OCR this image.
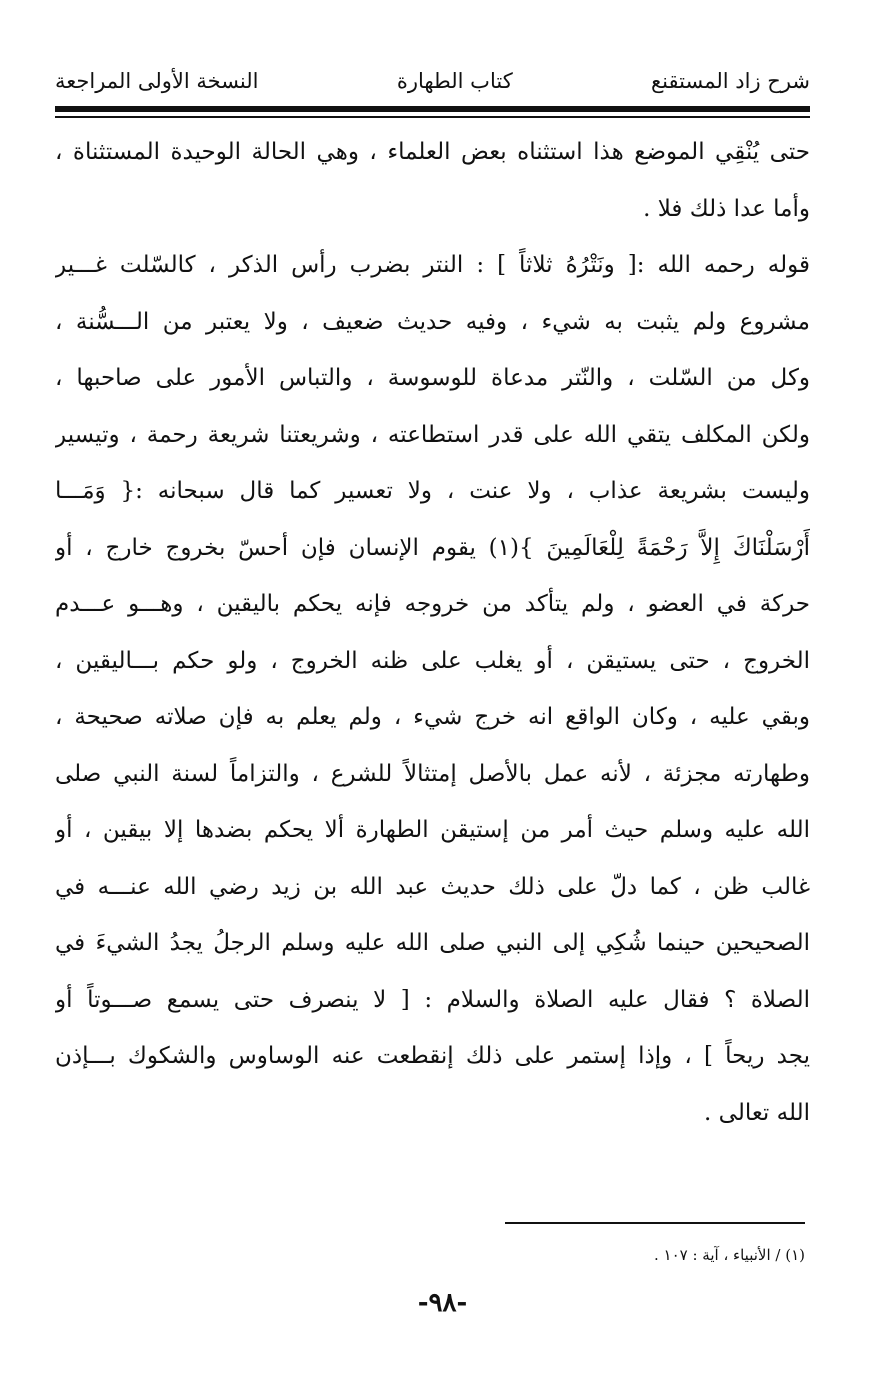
شرح زاد المستقنع
كتاب الطهارة
النسخة الأولى المراجعة
حتى يُنْقِي الموضع هذا استثناه بعض العلماء ، وهي الحالة الوحيدة المستثناة ،
وأما عدا ذلك فلا .
قوله رحمه الله :[ ونَتْرُهُ ثلاثاً ] : النتر بضرب رأس الذكر ، كالسّلت غـــير
مشروع ولم يثبت به شيء ، وفيه حديث ضعيف ، ولا يعتبر من الـــسُّنة ،
وكل من السّلت ، والنّتر مدعاة للوسوسة ، والتباس الأمور على صاحبها ،
ولكن المكلف يتقي الله على قدر استطاعته ، وشريعتنا شريعة رحمة ، وتيسير
وليست بشريعة عذاب ، ولا عنت ، ولا تعسير كما قال سبحانه :{ وَمَـــا
أَرْسَلْنَاكَ إِلاَّ رَحْمَةً لِلْعَالَمِينَ }(١) يقوم الإنسان فإن أحسّ بخروج خارج ، أو
حركة في العضو ، ولم يتأكد من خروجه فإنه يحكم باليقين ، وهـــو عـــدم
الخروج ، حتى يستيقن ، أو يغلب على ظنه الخروج ، ولو حكم بـــاليقين ،
وبقي عليه ، وكان الواقع انه خرج شيء ، ولم يعلم به فإن صلاته صحيحة ،
وطهارته مجزئة ، لأنه عمل بالأصل إمتثالاً للشرع ، والتزاماً لسنة النبي صلى
الله عليه وسلم حيث أمر من إستيقن الطهارة ألا يحكم بضدها إلا بيقين ، أو
غالب ظن ، كما دلّ على ذلك حديث عبد الله بن زيد رضي الله عنـــه في
الصحيحين حينما شُكِي إلى النبي صلى الله عليه وسلم الرجلُ يجدُ الشيءَ في
الصلاة ؟ فقال عليه الصلاة والسلام : [ لا ينصرف حتى يسمع صـــوتاً أو
يجد ريحاً ] ، وإذا إستمر على ذلك إنقطعت عنه الوساوس والشكوك بـــإذن
الله تعالى .
(١) / الأنبياء ، آية : ١٠٧ .
-٩٨-
